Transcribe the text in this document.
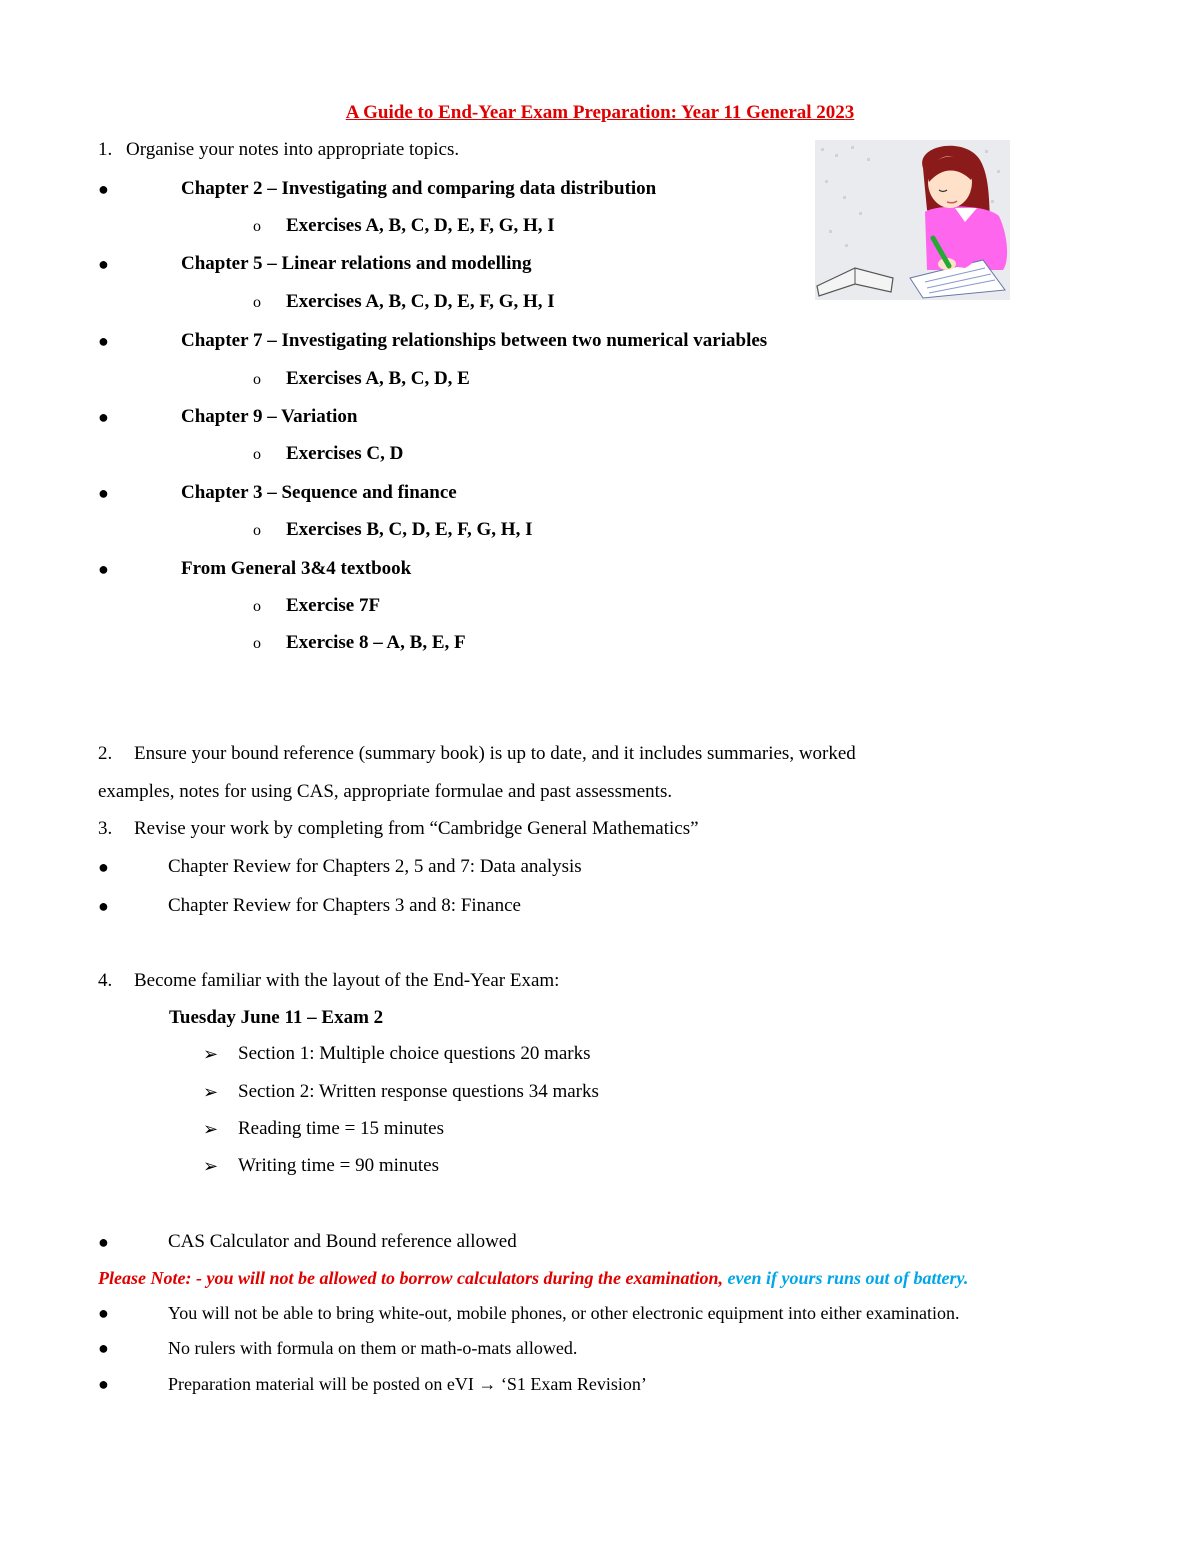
A Guide to End-Year Exam Preparation: Year 11 General 2023
1. Organise your notes into appropriate topics.
●	Chapter 2 – Investigating and comparing data distribution
o Exercises A, B, C, D, E, F, G, H, I
●	Chapter 5 – Linear relations and modelling
o Exercises A, B, C, D, E, F, G, H, I
●	Chapter 7 – Investigating relationships between two numerical variables
o Exercises A, B, C, D, E
●	Chapter 9 – Variation
o Exercises C, D
●	Chapter 3 – Sequence and finance
o Exercises B, C, D, E, F, G, H, I
●	From General 3&4 textbook
o Exercise 7F
o Exercise 8 – A, B, E, F
2. Ensure your bound reference (summary book) is up to date, and it includes summaries, worked
examples, notes for using CAS, appropriate formulae and past assessments.
3. Revise your work by completing from “Cambridge General Mathematics”
●	Chapter Review for Chapters 2, 5 and 7: Data analysis
●	Chapter Review for Chapters 3 and 8: Finance
4. Become familiar with the layout of the End-Year Exam:
Tuesday June 11 – Exam 2
➢ Section 1: Multiple choice questions 20 marks
➢ Section 2: Written response questions 34 marks
➢ Reading time = 15 minutes
➢ Writing time = 90 minutes
●	CAS Calculator and Bound reference allowed
Please Note: - you will not be allowed to borrow calculators during the examination, even if yours runs out of battery.
●	You will not be able to bring white-out, mobile phones, or other electronic equipment into either examination.
●	No rulers with formula on them or math-o-mats allowed.
●	Preparation material will be posted on eVI → ‘S1 Exam Revision’
